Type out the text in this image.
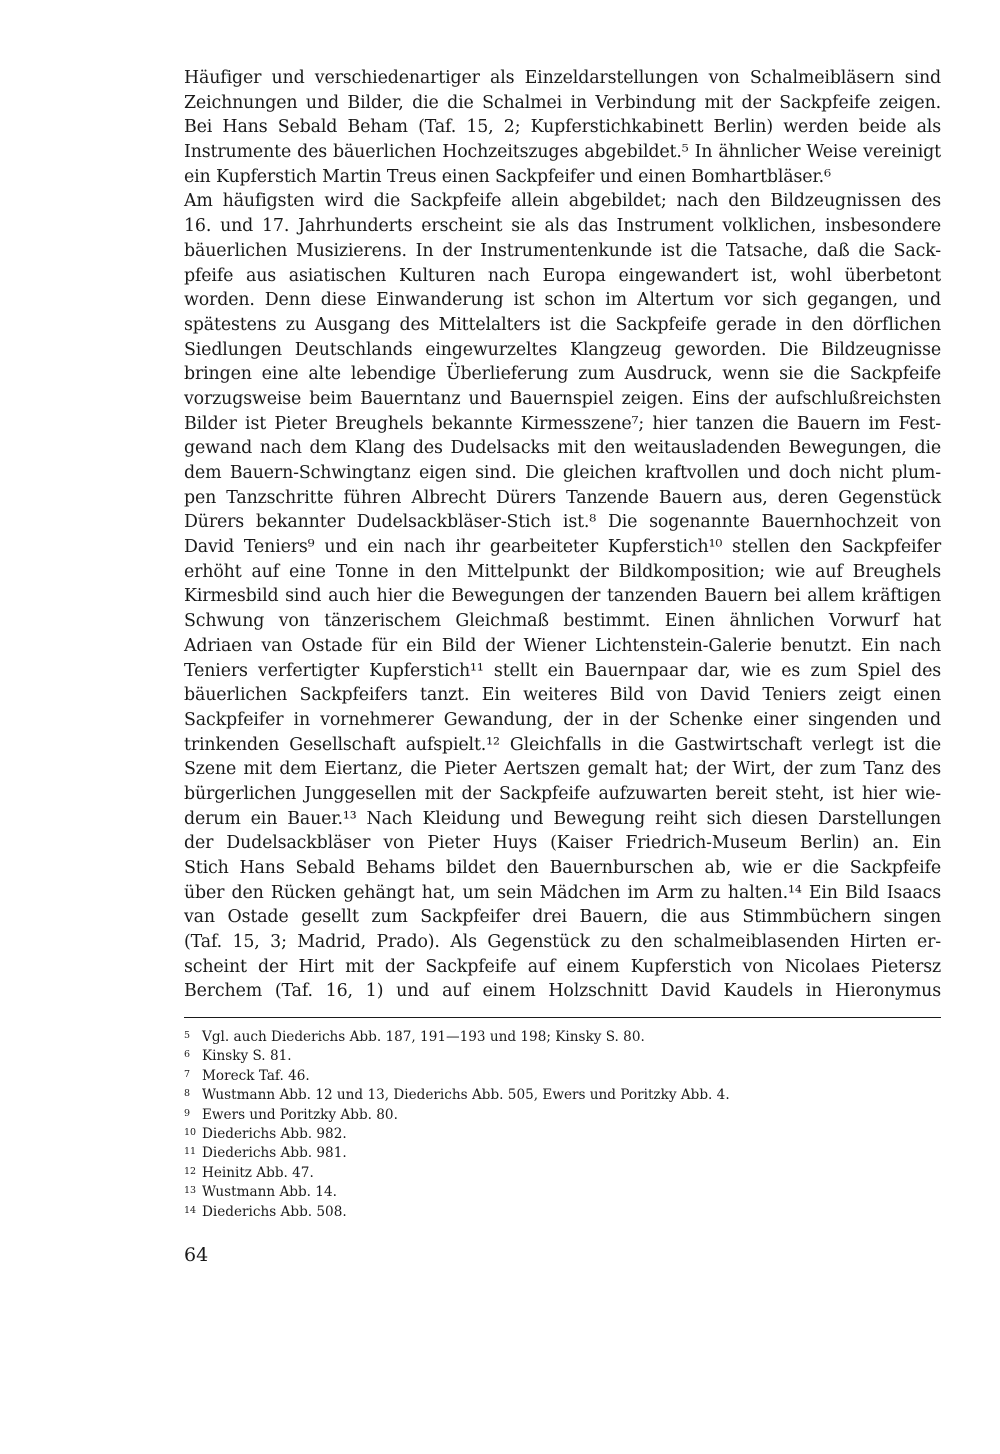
Häufiger und verschiedenartiger als Einzeldarstellungen von Schalmeibläsern sind
Zeichnungen und Bilder, die die Schalmei in Verbindung mit der Sackpfeife zeigen.
Bei Hans Sebald Beham (Taf. 15, 2; Kupferstichkabinett Berlin) werden beide als
Instrumente des bäuerlichen Hochzeitszuges abgebildet.⁵ In ähnlicher Weise vereinigt
ein Kupferstich Martin Treus einen Sackpfeifer und einen Bomhartbläser.⁶
Am häufigsten wird die Sackpfeife allein abgebildet; nach den Bildzeugnissen des
16. und 17. Jahrhunderts erscheint sie als das Instrument volklichen, insbesondere
bäuerlichen Musizierens. In der Instrumentenkunde ist die Tatsache, daß die Sack-
pfeife aus asiatischen Kulturen nach Europa eingewandert ist, wohl überbetont
worden. Denn diese Einwanderung ist schon im Altertum vor sich gegangen, und
spätestens zu Ausgang des Mittelalters ist die Sackpfeife gerade in den dörflichen
Siedlungen Deutschlands eingewurzeltes Klangzeug geworden. Die Bildzeugnisse
bringen eine alte lebendige Überlieferung zum Ausdruck, wenn sie die Sackpfeife
vorzugsweise beim Bauerntanz und Bauernspiel zeigen. Eins der aufschlußreichsten
Bilder ist Pieter Breughels bekannte Kirmesszene⁷; hier tanzen die Bauern im Fest-
gewand nach dem Klang des Dudelsacks mit den weitausladenden Bewegungen, die
dem Bauern-Schwingtanz eigen sind. Die gleichen kraftvollen und doch nicht plum-
pen Tanzschritte führen Albrecht Dürers Tanzende Bauern aus, deren Gegenstück
Dürers bekannter Dudelsackbläser-Stich ist.⁸ Die sogenannte Bauernhochzeit von
David Teniers⁹ und ein nach ihr gearbeiteter Kupferstich¹⁰ stellen den Sackpfeifer
erhöht auf eine Tonne in den Mittelpunkt der Bildkomposition; wie auf Breughels
Kirmesbild sind auch hier die Bewegungen der tanzenden Bauern bei allem kräftigen
Schwung von tänzerischem Gleichmaß bestimmt. Einen ähnlichen Vorwurf hat
Adriaen van Ostade für ein Bild der Wiener Lichtenstein-Galerie benutzt. Ein nach
Teniers verfertigter Kupferstich¹¹ stellt ein Bauernpaar dar, wie es zum Spiel des
bäuerlichen Sackpfeifers tanzt. Ein weiteres Bild von David Teniers zeigt einen
Sackpfeifer in vornehmerer Gewandung, der in der Schenke einer singenden und
trinkenden Gesellschaft aufspielt.¹² Gleichfalls in die Gastwirtschaft verlegt ist die
Szene mit dem Eiertanz, die Pieter Aertszen gemalt hat; der Wirt, der zum Tanz des
bürgerlichen Junggesellen mit der Sackpfeife aufzuwarten bereit steht, ist hier wie-
derum ein Bauer.¹³ Nach Kleidung und Bewegung reiht sich diesen Darstellungen
der Dudelsackbläser von Pieter Huys (Kaiser Friedrich-Museum Berlin) an. Ein
Stich Hans Sebald Behams bildet den Bauernburschen ab, wie er die Sackpfeife
über den Rücken gehängt hat, um sein Mädchen im Arm zu halten.¹⁴ Ein Bild Isaacs
van Ostade gesellt zum Sackpfeifer drei Bauern, die aus Stimmbüchern singen
(Taf. 15, 3; Madrid, Prado). Als Gegenstück zu den schalmeiblasenden Hirten er-
scheint der Hirt mit der Sackpfeife auf einem Kupferstich von Nicolaes Pietersz
Berchem (Taf. 16, 1) und auf einem Holzschnitt David Kaudels in Hieronymus
5 Vgl. auch Diederichs Abb. 187, 191—193 und 198; Kinsky S. 80.
6 Kinsky S. 81.
7 Moreck Taf. 46.
8 Wustmann Abb. 12 und 13, Diederichs Abb. 505, Ewers und Poritzky Abb. 4.
9 Ewers und Poritzky Abb. 80.
10 Diederichs Abb. 982.
11 Diederichs Abb. 981.
12 Heinitz Abb. 47.
13 Wustmann Abb. 14.
14 Diederichs Abb. 508.
64
